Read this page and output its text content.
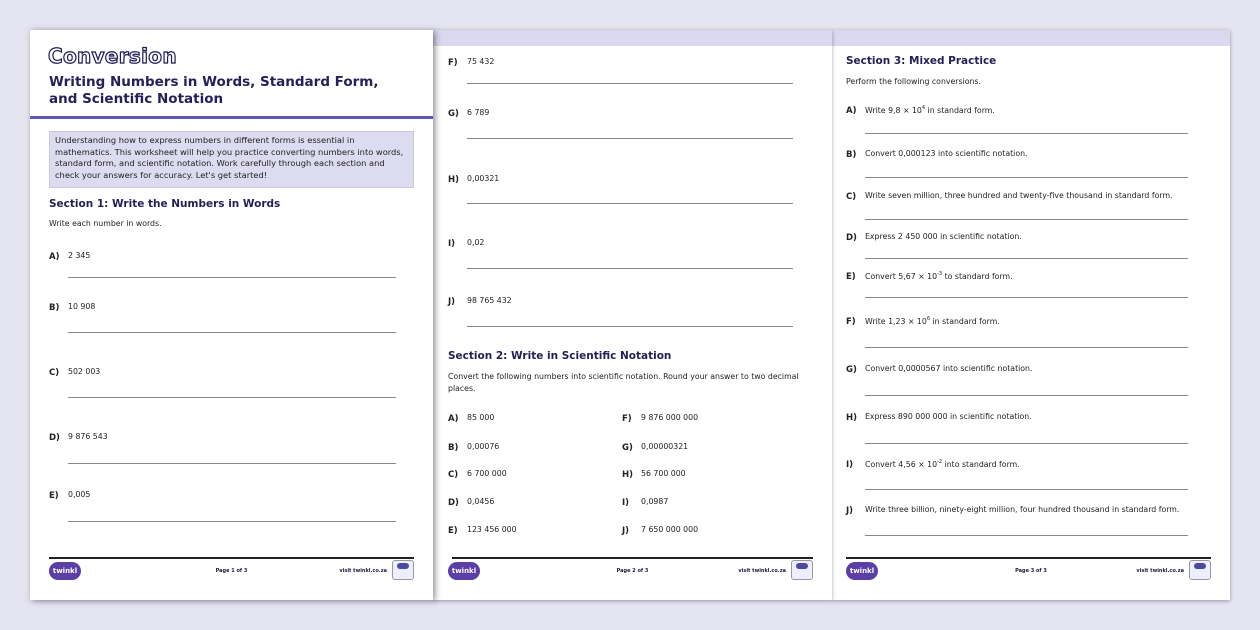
Conversion
Writing Numbers in Words, Standard Form, and Scientific Notation
Understanding how to express numbers in different forms is essential in mathematics. This worksheet will help you practice converting numbers into words, standard form, and scientific notation. Work carefully through each section and check your answers for accuracy. Let's get started!
Section 1: Write the Numbers in Words
Write each number in words.
A) 2 345
B) 10 908
C) 502 003
D) 9 876 543
E) 0,005
twinkl	Page 1 of 3	visit twinkl.co.za
F) 75 432
G) 6 789
H) 0,00321
I) 0,02
J) 98 765 432
Section 2: Write in Scientific Notation
Convert the following numbers into scientific notation. Round your answer to two decimal places.
A) 85 000	F) 9 876 000 000
B) 0,00076	G) 0,00000321
C) 6 700 000	H) 56 700 000
D) 0,0456	I) 0,0987
E) 123 456 000	J) 7 650 000 000
twinkl	Page 2 of 3	visit twinkl.co.za
Section 3: Mixed Practice
Perform the following conversions.
A) Write $9,8 \times 10^4$ in standard form.
B) Convert 0,000123 into scientific notation.
C) Write seven million, three hundred and twenty-five thousand in standard form.
D) Express 2 450 000 in scientific notation.
E) Convert $5,67 \times 10^{-3}$ to standard form.
F) Write $1,23 \times 10^6$ in standard form.
G) Convert 0,0000567 into scientific notation.
H) Express 890 000 000 in scientific notation.
I) Convert $4,56 \times 10^{-2}$ into standard form.
J) Write three billion, ninety-eight million, four hundred thousand in standard form.
twinkl	Page 3 of 3	visit twinkl.co.za
